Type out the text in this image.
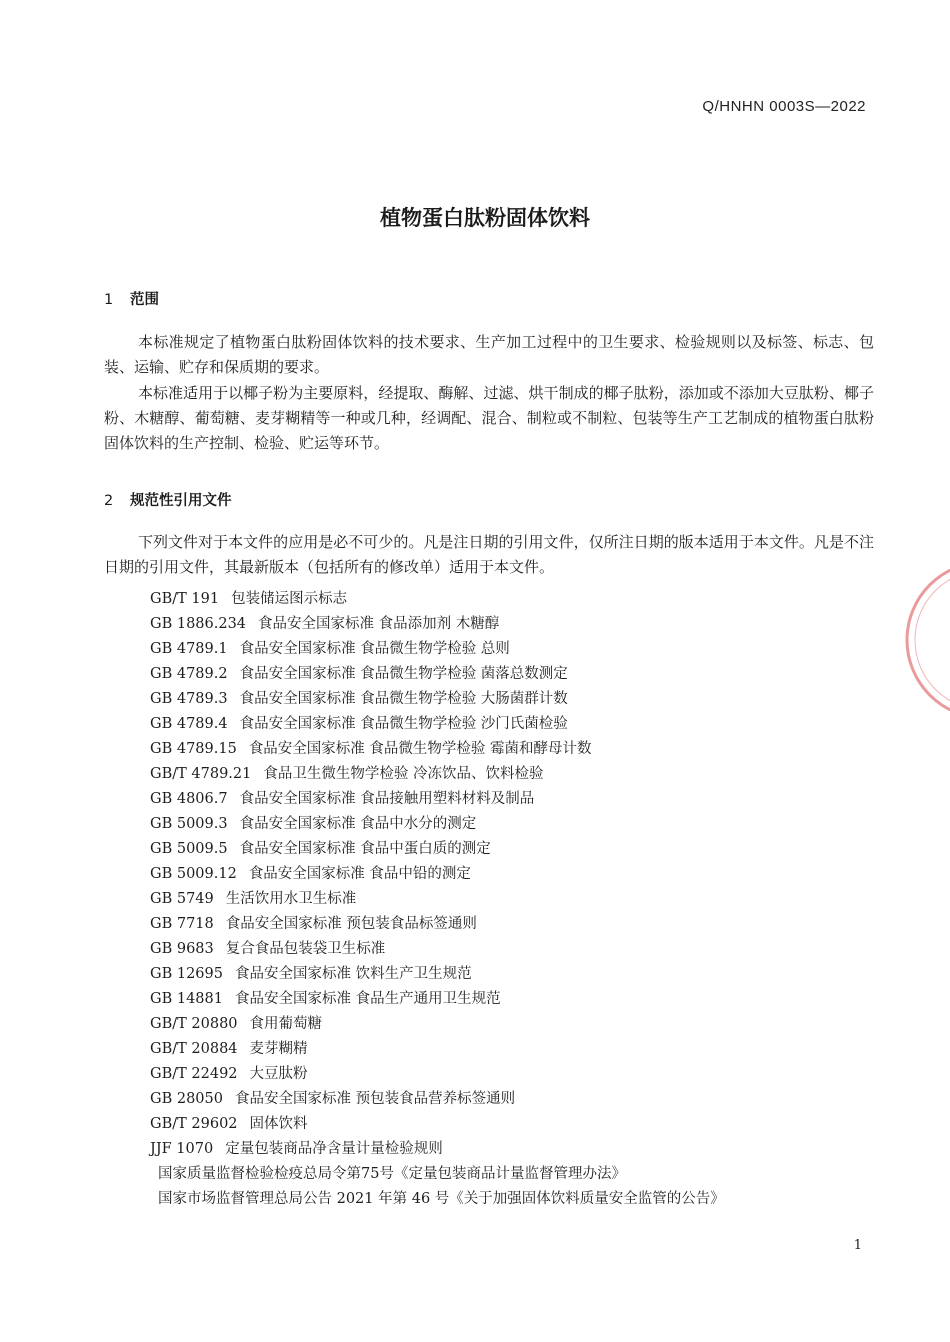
Q/HNHN 0003S—2022
植物蛋白肽粉固体饮料
1 范围

本标准规定了植物蛋白肽粉固体饮料的技术要求、生产加工过程中的卫生要求、检验规则以及标签、标志、包装、运输、贮存和保质期的要求。

本标准适用于以椰子粉为主要原料，经提取、酶解、过滤、烘干制成的椰子肽粉，添加或不添加大豆肽粉、椰子粉、木糖醇、葡萄糖、麦芽糊精等一种或几种，经调配、混合、制粒或不制粒、包装等生产工艺制成的植物蛋白肽粉固体饮料的生产控制、检验、贮运等环节。

2 规范性引用文件

下列文件对于本文件的应用是必不可少的。凡是注日期的引用文件，仅所注日期的版本适用于本文件。凡是不注日期的引用文件，其最新版本（包括所有的修改单）适用于本文件。

GB/T 191 包装储运图示标志
GB 1886.234 食品安全国家标准 食品添加剂 木糖醇
GB 4789.1 食品安全国家标准 食品微生物学检验 总则
GB 4789.2 食品安全国家标准 食品微生物学检验 菌落总数测定
GB 4789.3 食品安全国家标准 食品微生物学检验 大肠菌群计数
GB 4789.4 食品安全国家标准 食品微生物学检验 沙门氏菌检验
GB 4789.15 食品安全国家标准 食品微生物学检验 霉菌和酵母计数
GB/T 4789.21 食品卫生微生物学检验 冷冻饮品、饮料检验
GB 4806.7 食品安全国家标准 食品接触用塑料材料及制品
GB 5009.3 食品安全国家标准 食品中水分的测定
GB 5009.5 食品安全国家标准 食品中蛋白质的测定
GB 5009.12 食品安全国家标准 食品中铅的测定
GB 5749 生活饮用水卫生标准
GB 7718 食品安全国家标准 预包装食品标签通则
GB 9683 复合食品包装袋卫生标准
GB 12695 食品安全国家标准 饮料生产卫生规范
GB 14881 食品安全国家标准 食品生产通用卫生规范
GB/T 20880 食用葡萄糖
GB/T 20884 麦芽糊精
GB/T 22492 大豆肽粉
GB 28050 食品安全国家标准 预包装食品营养标签通则
GB/T 29602 固体饮料
JJF 1070 定量包装商品净含量计量检验规则
国家质量监督检验检疫总局令第75号《定量包装商品计量监督管理办法》
国家市场监督管理总局公告 2021 年第 46 号《关于加强固体饮料质量安全监管的公告》
1
